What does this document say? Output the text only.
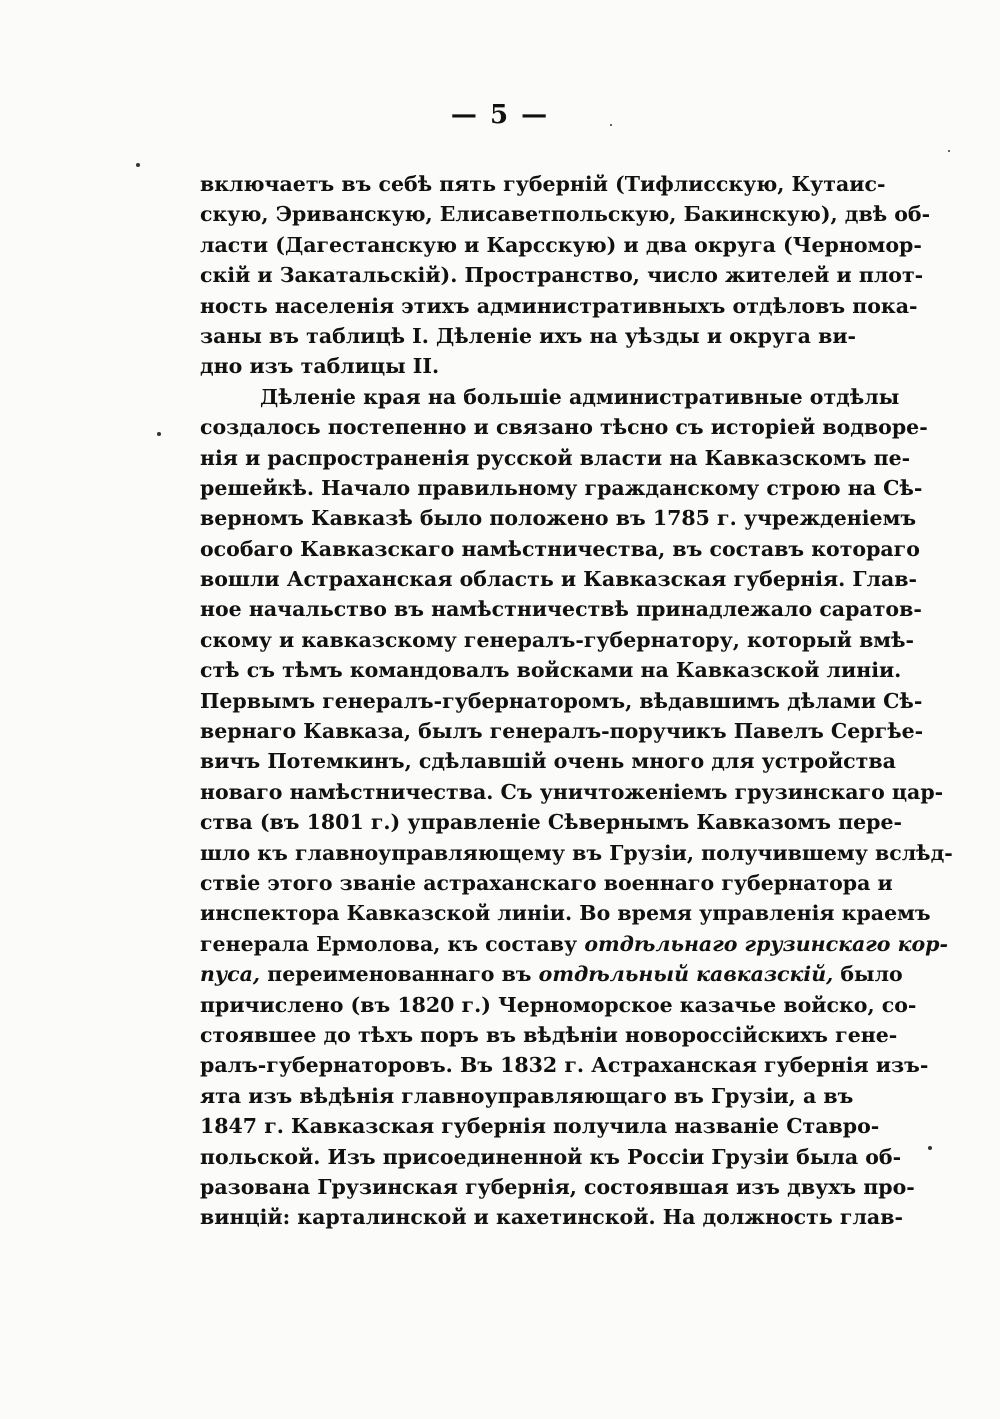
— 5 —
включаетъ въ себѣ пять губерній (Тифлисскую, Кутаис-
скую, Эриванскую, Елисаветпольскую, Бакинскую), двѣ об-
ласти (Дагестанскую и Карсскую) и два округа (Черномор-
скій и Закатальскій). Пространство, число жителей и плот-
ность населенія этихъ административныхъ отдѣловъ пока-
заны въ таблицѣ I. Дѣленіе ихъ на уѣзды и округа ви-
дно изъ таблицы II.
Дѣленіе края на большіе административные отдѣлы
создалось постепенно и связано тѣсно съ исторіей водворе-
нія и распространенія русской власти на Кавказскомъ пе-
решейкѣ. Начало правильному гражданскому строю на Сѣ-
верномъ Кавказѣ было положено въ 1785 г. учрежденіемъ
особаго Кавказскаго намѣстничества, въ составъ котораго
вошли Астраханская область и Кавказская губернія. Глав-
ное начальство въ намѣстничествѣ принадлежало саратов-
скому и кавказскому генералъ-губернатору, который вмѣ-
стѣ съ тѣмъ командовалъ войсками на Кавказской линіи.
Первымъ генералъ-губернаторомъ, вѣдавшимъ дѣлами Сѣ-
вернаго Кавказа, былъ генералъ-поручикъ Павелъ Сергѣе-
вичъ Потемкинъ, сдѣлавшій очень много для устройства
новаго намѣстничества. Съ уничтоженіемъ грузинскаго цар-
ства (въ 1801 г.) управленіе Сѣвернымъ Кавказомъ пере-
шло къ главноуправляющему въ Грузіи, получившему вслѣд-
ствіе этого званіе астраханскаго военнаго губернатора и
инспектора Кавказской линіи. Во время управленія краемъ
генерала Ермолова, къ составу отдѣльнаго грузинскаго кор-
пуса, переименованнаго въ отдѣльный кавказскій, было
причислено (въ 1820 г.) Черноморское казачье войско, со-
стоявшее до тѣхъ поръ въ вѣдѣніи новороссійскихъ гене-
ралъ-губернаторовъ. Въ 1832 г. Астраханская губернія изъ-
ята изъ вѣдѣнія главноуправляющаго въ Грузіи, а въ
1847 г. Кавказская губернія получила названіе Ставро-
польской. Изъ присоединенной къ Россіи Грузіи была об-
разована Грузинская губернія, состоявшая изъ двухъ про-
винцій: карталинской и кахетинской. На должность глав-
